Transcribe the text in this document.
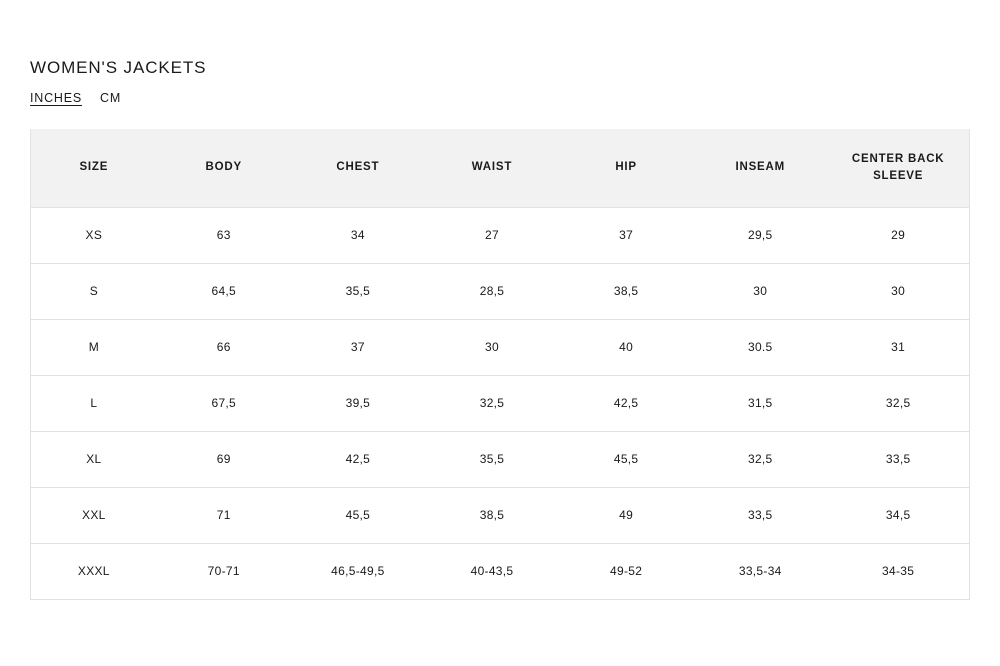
WOMEN'S JACKETS
INCHES CM
SIZE	BODY	CHEST	WAIST	HIP	INSEAM	CENTER BACK SLEEVE
XS	63	34	27	37	29,5	29
S	64,5	35,5	28,5	38,5	30	30
M	66	37	30	40	30.5	31
L	67,5	39,5	32,5	42,5	31,5	32,5
XL	69	42,5	35,5	45,5	32,5	33,5
XXL	71	45,5	38,5	49	33,5	34,5
XXXL	70-71	46,5-49,5	40-43,5	49-52	33,5-34	34-35
